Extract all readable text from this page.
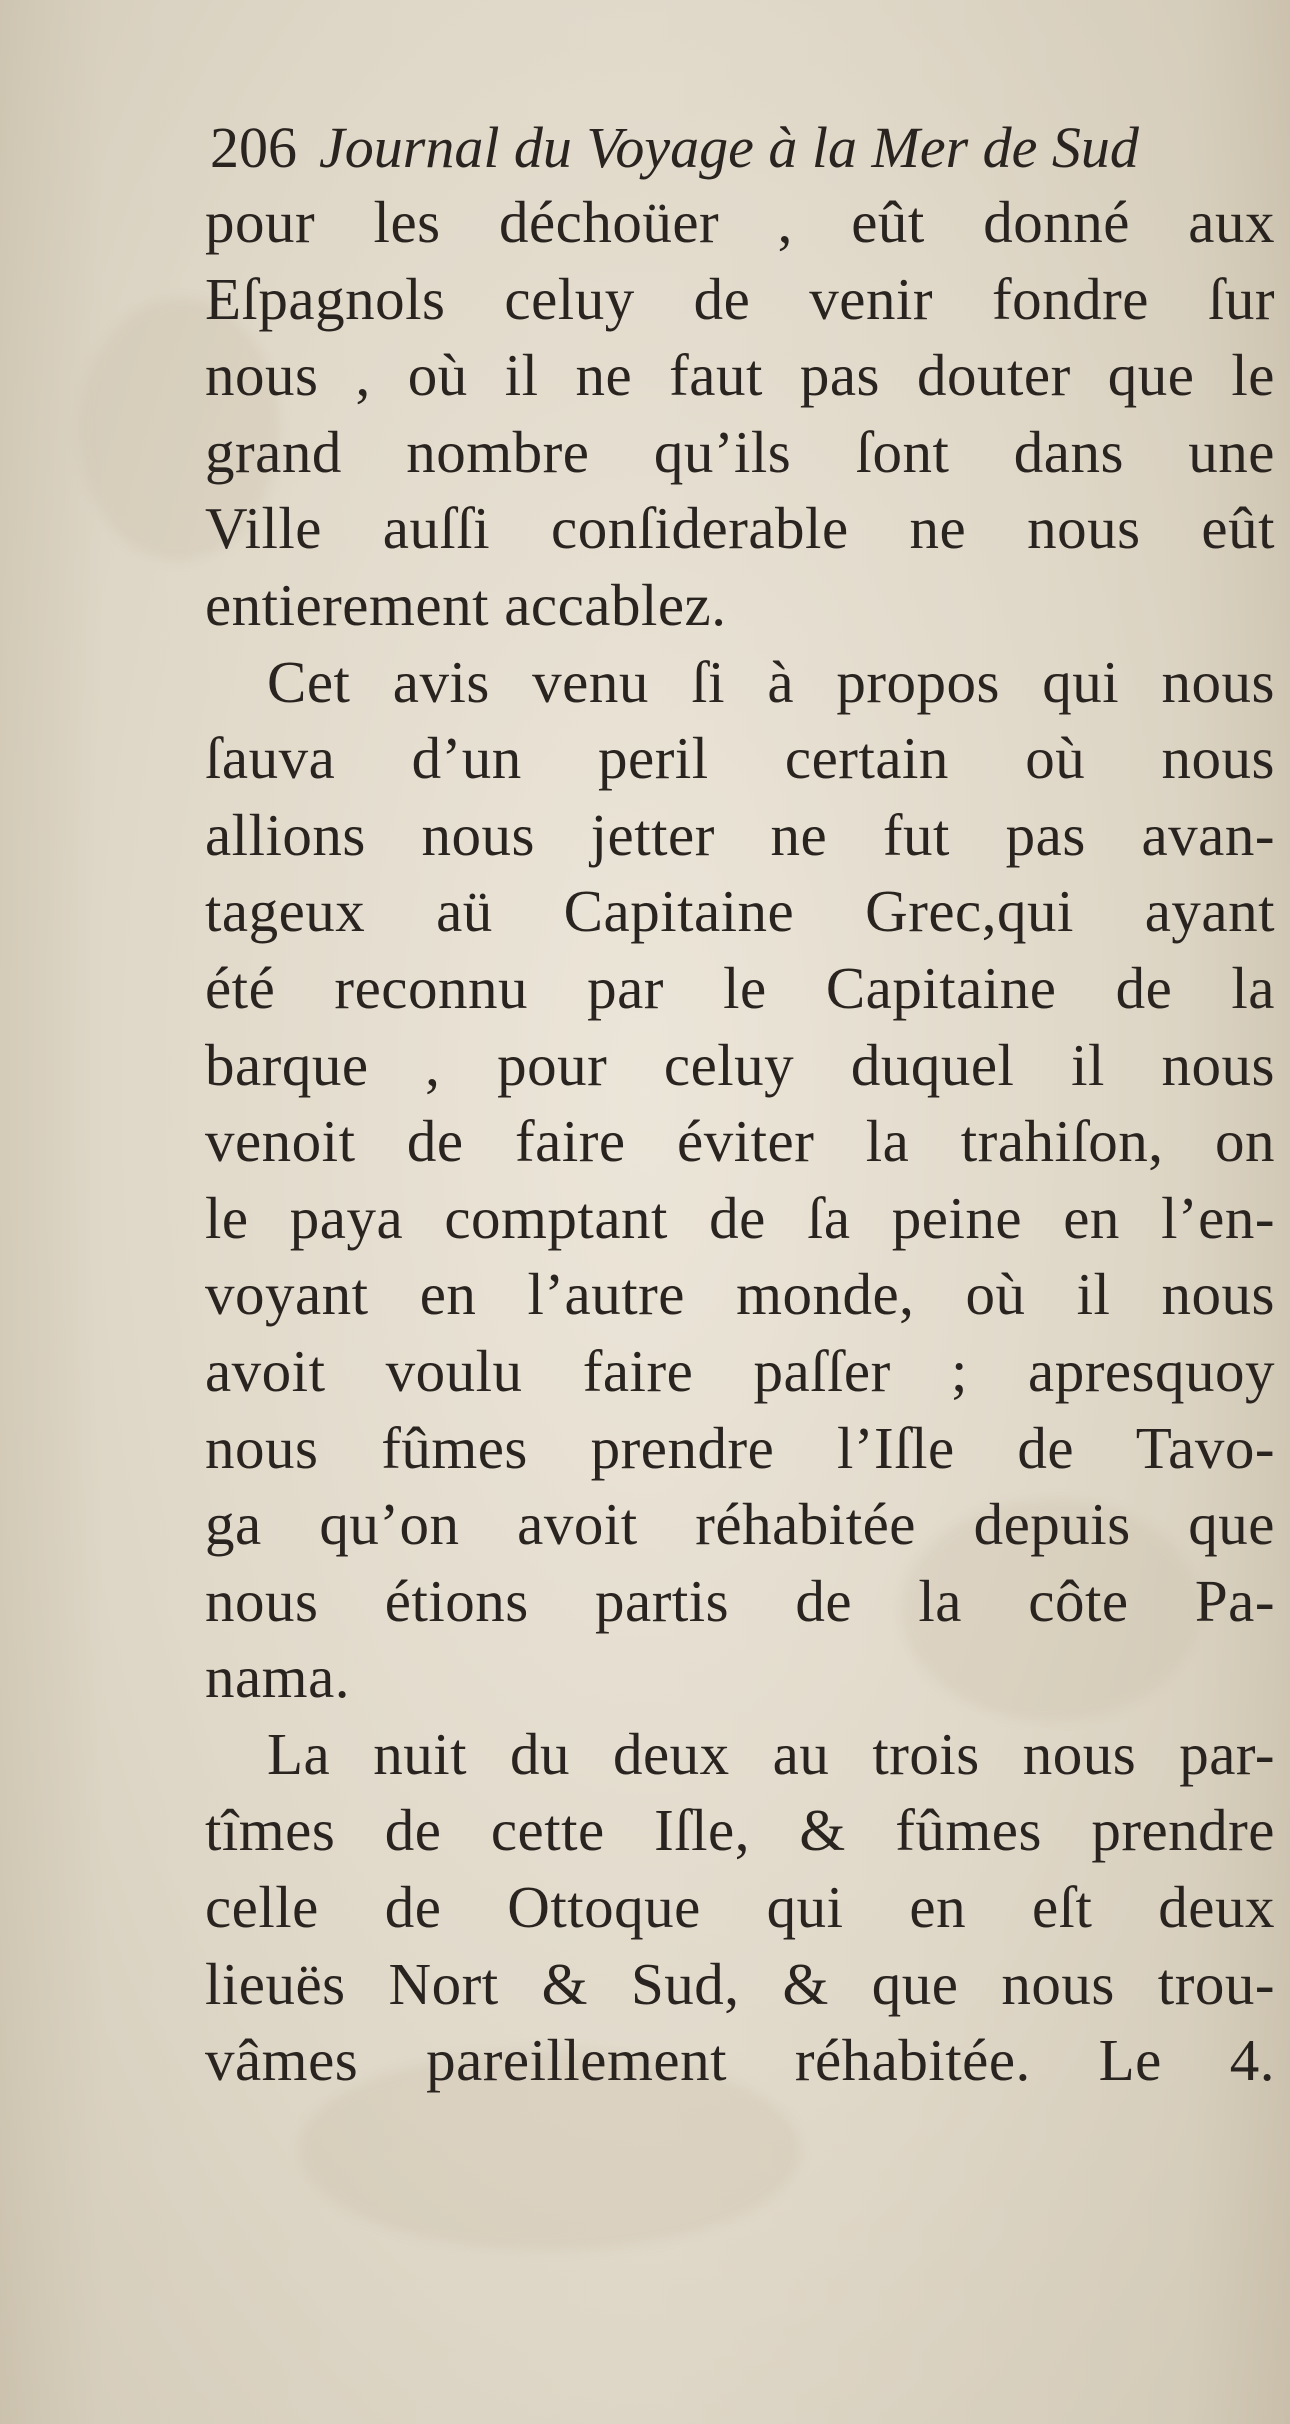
206 Journal du Voyage à la Mer de Sud
pour les déchoüer , eût donné aux
Eſpagnols celuy de venir fondre ſur
nous , où il ne faut pas douter que le
grand nombre qu’ils ſont dans une
Ville auſſi conſiderable ne nous eût
entierement accablez.
Cet avis venu ſi à propos qui nous
ſauva d’un peril certain où nous
allions nous jetter ne fut pas avan-
tageux aü Capitaine Grec,qui ayant
été reconnu par le Capitaine de la
barque , pour celuy duquel il nous
venoit de faire éviter la trahiſon, on
le paya comptant de ſa peine en l’en-
voyant en l’autre monde, où il nous
avoit voulu faire paſſer ; apresquoy
nous fûmes prendre l’Iſle de Tavo-
ga qu’on avoit réhabitée depuis que
nous étions partis de la côte Pa-
nama.
La nuit du deux au trois nous par-
tîmes de cette Iſle, & fûmes prendre
celle de Ottoque qui en eſt deux
lieuës Nort & Sud, & que nous trou-
vâmes pareillement réhabitée. Le 4.
